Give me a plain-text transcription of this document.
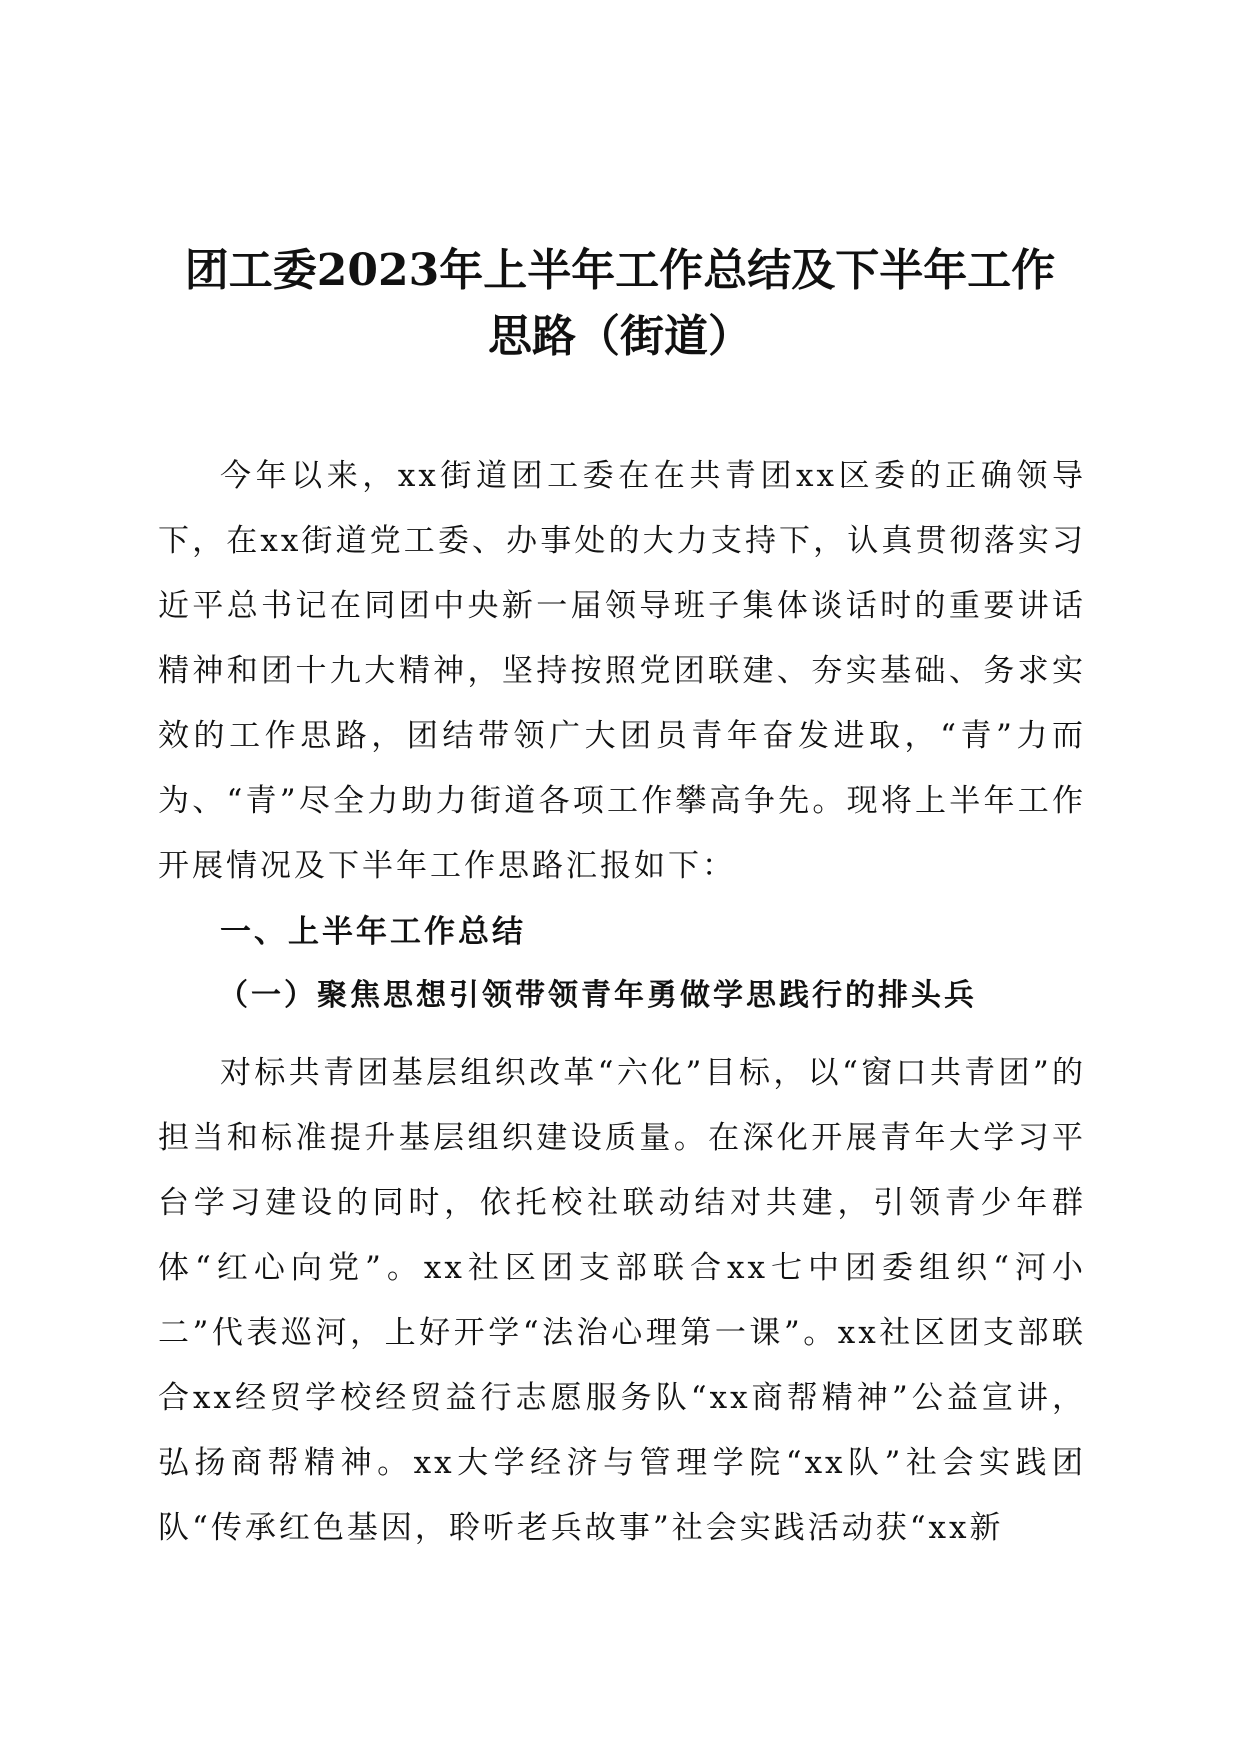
团工委2023年上半年工作总结及下半年工作
思路（街道）

今年以来，xx街道团工委在在共青团xx区委的正确领导下，在xx街道党工委、办事处的大力支持下，认真贯彻落实习近平总书记在同团中央新一届领导班子集体谈话时的重要讲话精神和团十九大精神，坚持按照党团联建、夯实基础、务求实效的工作思路，团结带领广大团员青年奋发进取，“青”力而为、“青”尽全力助力街道各项工作攀高争先。现将上半年工作开展情况及下半年工作思路汇报如下：

一、上半年工作总结
（一）聚焦思想引领带领青年勇做学思践行的排头兵

对标共青团基层组织改革“六化”目标，以“窗口共青团”的担当和标准提升基层组织建设质量。在深化开展青年大学习平台学习建设的同时，依托校社联动结对共建，引领青少年群体“红心向党”。xx社区团支部联合xx七中团委组织“河小二”代表巡河，上好开学“法治心理第一课”。xx社区团支部联合xx经贸学校经贸益行志愿服务队“xx商帮精神”公益宣讲，弘扬商帮精神。xx大学经济与管理学院“xx队”社会实践团队“传承红色基因，聆听老兵故事”社会实践活动获“xx新
